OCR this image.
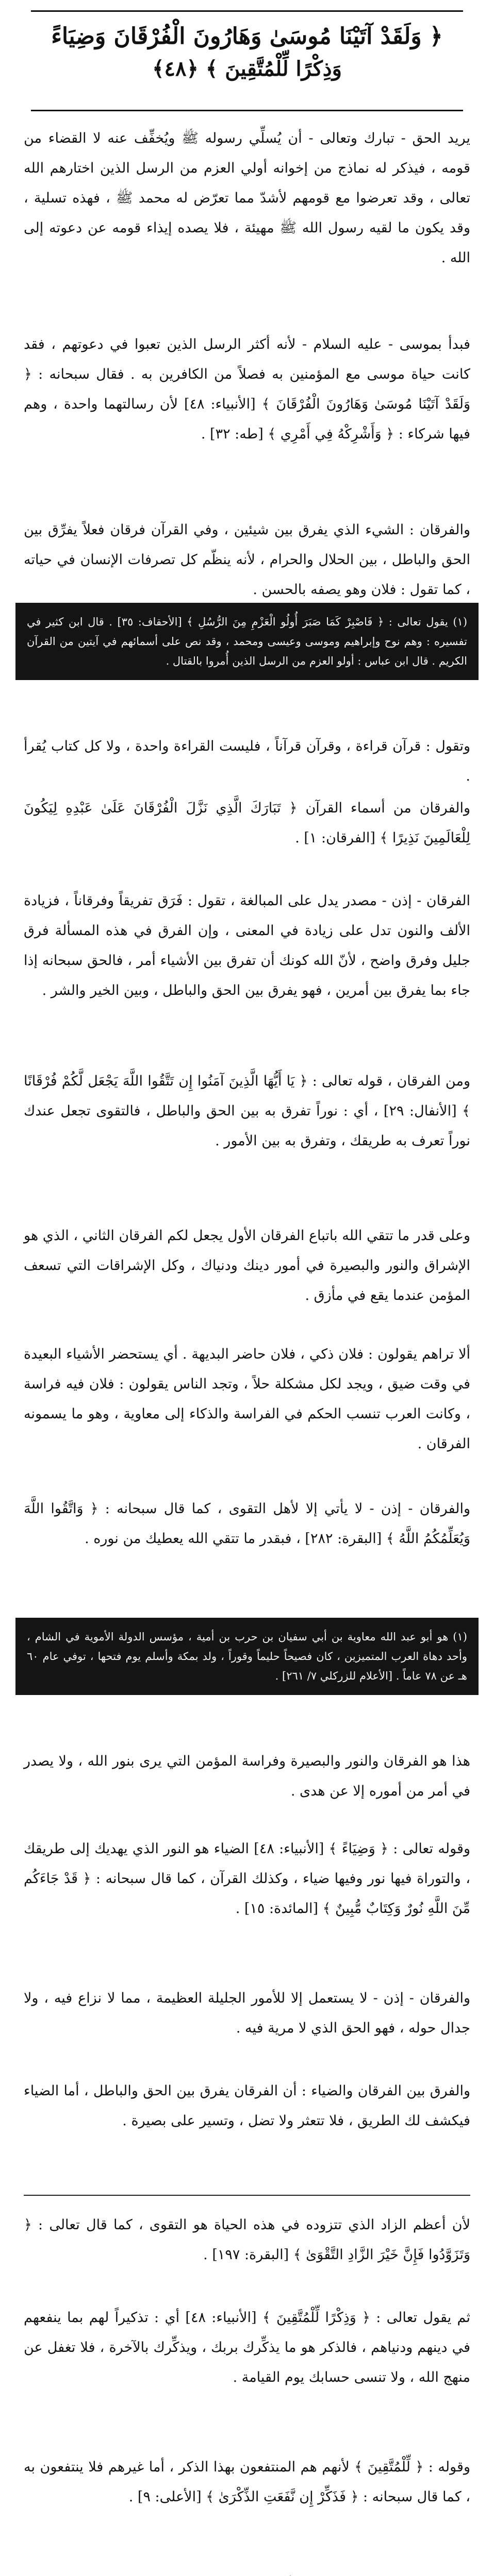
﴿ وَلَقَدْ آتَيْنَا مُوسَىٰ وَهَارُونَ الْفُرْقَانَ وَضِيَاءً
وَذِكْرًا لِّلْمُتَّقِينَ ﴾ ﴿٤٨﴾
يريد الحق - تبارك وتعالى - أن يُسلِّي رسوله ﷺ ويُخفِّف عنه لا القضاء من قومه ، فيذكر له نماذج من إخوانه أولي العزم من الرسل الذين اختارهم الله تعالى ، وقد تعرضوا مع قومهم لأشدّ مما تعرّض له محمد ﷺ ، فهذه تسلية ، وقد يكون ما لقيه رسول الله ﷺ مهيئة ، فلا يصده إيذاء قومه عن دعوته إلى الله .
فبدأ بموسى - عليه السلام - لأنه أكثر الرسل الذين تعبوا في دعوتهم ، فقد كانت حياة موسى مع المؤمنين به فصلاً من الكافرين به . فقال سبحانه : ﴿ وَلَقَدْ آتَيْنَا مُوسَىٰ وَهَارُونَ الْفُرْقَانَ ﴾ [الأنبياء: ٤٨] لأن رسالتهما واحدة ، وهم فيها شركاء : ﴿ وَأَشْرِكْهُ فِي أَمْرِي ﴾ [طه: ٣٢] .
والفرقان : الشيء الذي يفرق بين شيئين ، وفي القرآن فرقان فعلاً يفرِّق بين الحق والباطل ، بين الحلال والحرام ، لأنه ينظّم كل تصرفات الإنسان في حياته ، كما تقول : فلان وهو يصفه بالحسن .
(١) يقول تعالى : ﴿ فَاصْبِرْ كَمَا صَبَرَ أُولُو الْعَزْمِ مِنَ الرُّسُلِ ﴾ [الأحقاف: ٣٥] . قال ابن كثير في تفسيره : وهم نوح وإبراهيم وموسى وعيسى ومحمد ، وقد نص على أسمائهم في آيتين من القرآن الكريم . قال ابن عباس : أولو العزم من الرسل الذين أُمروا بالقتال .
وتقول : قرآن قراءة ، وقرآن قرآناً ، فليست القراءة واحدة ، ولا كل كتاب يُقرأ .
والفرقان من أسماء القرآن ﴿ تَبَارَكَ الَّذِي نَزَّلَ الْفُرْقَانَ عَلَىٰ عَبْدِهِ لِيَكُونَ لِلْعَالَمِينَ نَذِيرًا ﴾ [الفرقان: ١] .
الفرقان - إذن - مصدر يدل على المبالغة ، تقول : فَرَق تفريقاً وفرقاناً ، فزيادة الألف والنون تدل على زيادة في المعنى ، وإن الفرق في هذه المسألة فرق جليل وفرق واضح ، لأنّ الله كونك أن تفرق بين الأشياء أمر ، فالحق سبحانه إذا جاء بما يفرق بين أمرين ، فهو يفرق بين الحق والباطل ، وبين الخير والشر .
ومن الفرقان ، قوله تعالى : ﴿ يَا أَيُّهَا الَّذِينَ آمَنُوا إِن تَتَّقُوا اللَّهَ يَجْعَل لَّكُمْ فُرْقَانًا ﴾ [الأنفال: ٢٩] ، أي : نوراً تفرق به بين الحق والباطل ، فالتقوى تجعل عندك نوراً تعرف به طريقك ، وتفرق به بين الأمور .
وعلى قدر ما تتقي الله باتباع الفرقان الأول يجعل لكم الفرقان الثاني ، الذي هو الإشراق والنور والبصيرة في أمور دينك ودنياك ، وكل الإشراقات التي تسعف المؤمن عندما يقع في مأزق .
ألا تراهم يقولون : فلان ذكي ، فلان حاضر البديهة . أي يستحضر الأشياء البعيدة في وقت ضيق ، ويجد لكل مشكلة حلاً ، وتجد الناس يقولون : فلان فيه فراسة ، وكانت العرب تنسب الحكم في الفراسة والذكاء إلى معاوية ، وهو ما يسمونه الفرقان .
والفرقان - إذن - لا يأتي إلا لأهل التقوى ، كما قال سبحانه : ﴿ وَاتَّقُوا اللَّهَ وَيُعَلِّمُكُمُ اللَّهُ ﴾ [البقرة: ٢٨٢] ، فبقدر ما تتقي الله يعطيك من نوره .
(١) هو أبو عبد الله معاوية بن أبي سفيان بن حرب بن أمية ، مؤسس الدولة الأموية في الشام ، وأحد دهاة العرب المتميزين ، كان فصيحاً حليماً وقوراً ، ولد بمكة وأسلم يوم فتحها ، توفي عام ٦٠ هـ عن ٧٨ عاماً . [الأعلام للزركلي ٧/ ٢٦١] .
هذا هو الفرقان والنور والبصيرة وفراسة المؤمن التي يرى بنور الله ، ولا يصدر في أمر من أموره إلا عن هدى .
وقوله تعالى : ﴿ وَضِيَاءً ﴾ [الأنبياء: ٤٨] الضياء هو النور الذي يهديك إلى طريقك ، والتوراة فيها نور وفيها ضياء ، وكذلك القرآن ، كما قال سبحانه : ﴿ قَدْ جَاءَكُم مِّنَ اللَّهِ نُورٌ وَكِتَابٌ مُّبِينٌ ﴾ [المائدة: ١٥] .
والفرقان - إذن - لا يستعمل إلا للأمور الجليلة العظيمة ، مما لا نزاع فيه ، ولا جدال حوله ، فهو الحق الذي لا مرية فيه .
والفرق بين الفرقان والضياء : أن الفرقان يفرق بين الحق والباطل ، أما الضياء فيكشف لك الطريق ، فلا تتعثر ولا تضل ، وتسير على بصيرة .
لأن أعظم الزاد الذي تتزوده في هذه الحياة هو التقوى ، كما قال تعالى : ﴿ وَتَزَوَّدُوا فَإِنَّ خَيْرَ الزَّادِ التَّقْوَىٰ ﴾ [البقرة: ١٩٧] .
ثم يقول تعالى : ﴿ وَذِكْرًا لِّلْمُتَّقِينَ ﴾ [الأنبياء: ٤٨] أي : تذكيراً لهم بما ينفعهم في دينهم ودنياهم ، فالذكر هو ما يذكِّرك بربك ، ويذكِّرك بالآخرة ، فلا تغفل عن منهج الله ، ولا تنسى حسابك يوم القيامة .
وقوله : ﴿ لِّلْمُتَّقِينَ ﴾ لأنهم هم المنتفعون بهذا الذكر ، أما غيرهم فلا ينتفعون به ، كما قال سبحانه : ﴿ فَذَكِّرْ إِن نَّفَعَتِ الذِّكْرَىٰ ﴾ [الأعلى: ٩] .
